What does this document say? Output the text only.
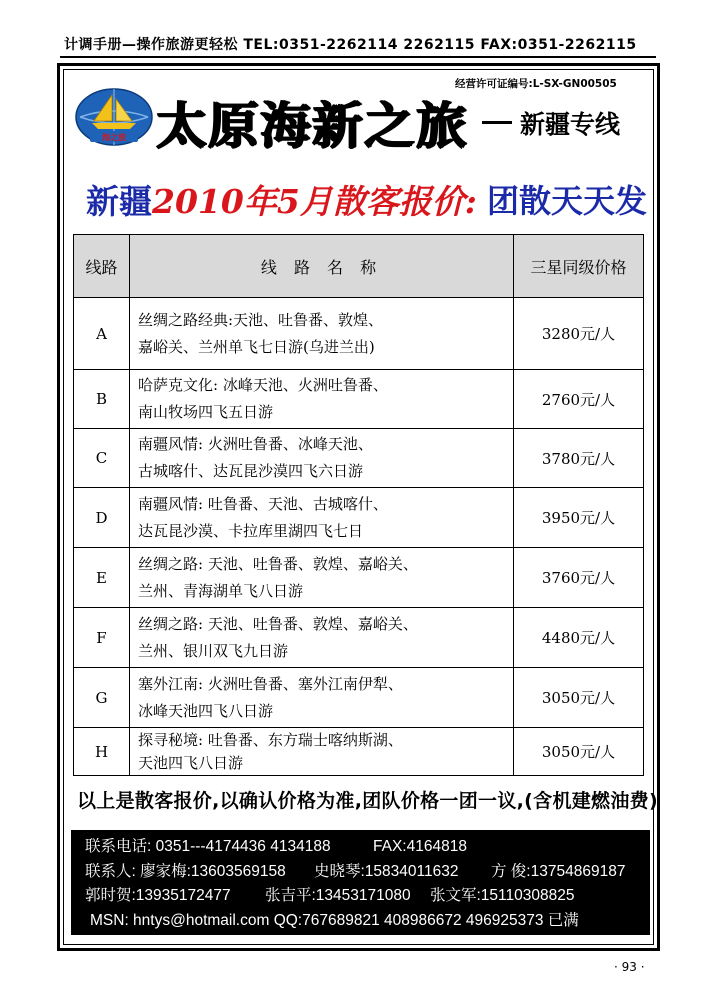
计调手册—操作旅游更轻松 TEL:0351-2262114 2262115 FAX:0351-2262115
经营许可证编号:L-SX-GN00505
海之旅 太原海新之旅 新疆专线
新疆2010年5月散客报价: 团散天天发
线路	线 路 名 称	三星同级价格
A	丝绸之路经典:天池、吐鲁番、敦煌、
嘉峪关、兰州单飞七日游(乌进兰出)	3280元/人
B	哈萨克文化: 冰峰天池、火洲吐鲁番、
南山牧场四飞五日游	2760元/人
C	南疆风情: 火洲吐鲁番、冰峰天池、
古城喀什、达瓦昆沙漠四飞六日游	3780元/人
D	南疆风情: 吐鲁番、天池、古城喀什、
达瓦昆沙漠、卡拉库里湖四飞七日	3950元/人
E	丝绸之路: 天池、吐鲁番、敦煌、嘉峪关、
兰州、青海湖单飞八日游	3760元/人
F	丝绸之路: 天池、吐鲁番、敦煌、嘉峪关、
兰州、银川双飞九日游	4480元/人
G	塞外江南: 火洲吐鲁番、塞外江南伊犁、
冰峰天池四飞八日游	3050元/人
H	探寻秘境: 吐鲁番、东方瑞士喀纳斯湖、
天池四飞八日游	3050元/人
以上是散客报价,以确认价格为准,团队价格一团一议,(含机建燃油费)
联系电话: 0351---4174436 4134188	FAX:4164818
联系人: 廖家梅:13603569158 史晓琴:15834011632 方 俊:13754869187
郭时贺:13935172477 张吉平:13453171080 张文军:15110308825
MSN: hntys@hotmail.com QQ:767689821 408986672 496925373 已满
· 93 ·
